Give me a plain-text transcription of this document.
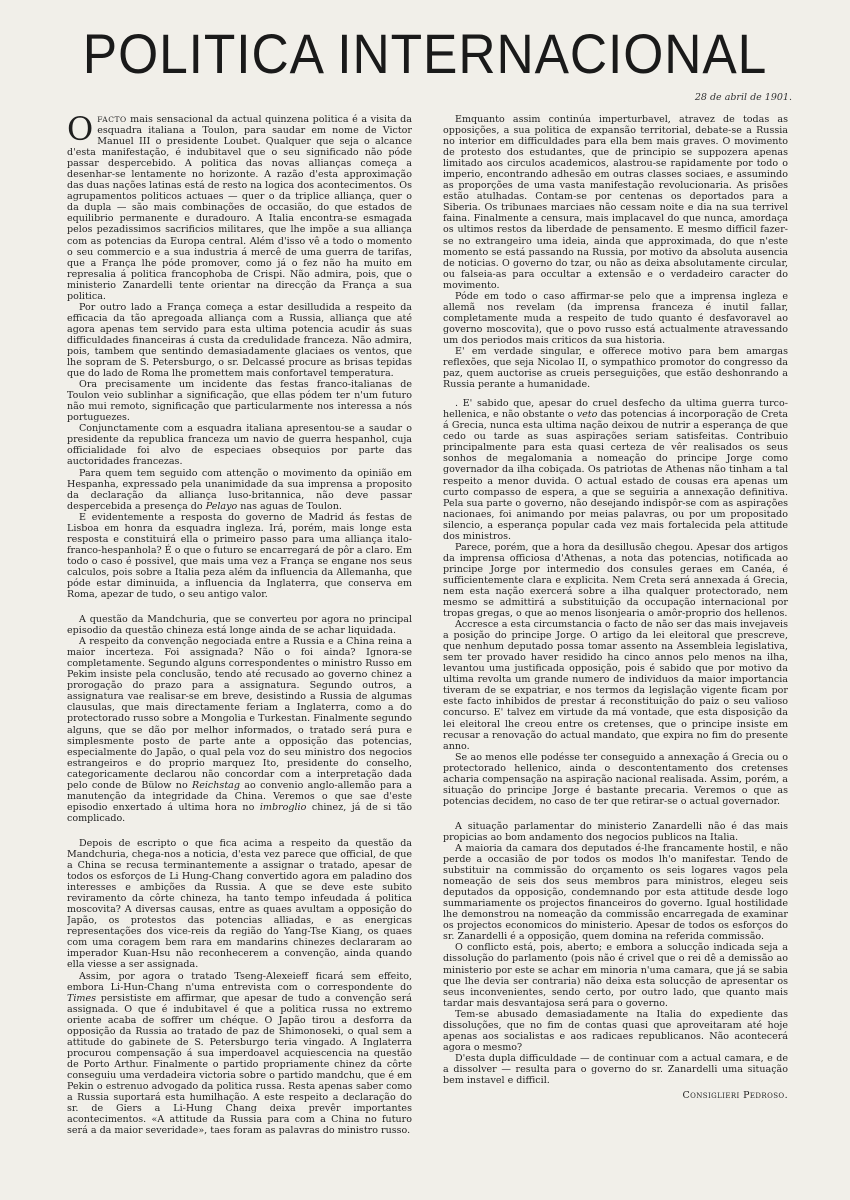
POLITICA INTERNACIONAL
28 de abril de 1901.

OFACTO mais sensacional da actual quinzena politica é a visita da esquadra italiana a Toulon, para saudar em nome de Victor Manuel III o presidente Loubet. Qualquer que seja o alcance d'esta manifestação, é indubitavel que o seu significado não póde passar despercebido. A politica das novas allianças começa a desenhar-se lentamente no horizonte. A razão d'esta approximação das duas nações latinas está de resto na logica dos acontecimentos. Os agrupamentos politicos actuaes — quer o da triplice alliança, quer o da dupla — são mais combinações de occasião, do que estados de equilibrio permanente e duradouro. A Italia encontra-se esmagada pelos pezadissimos sacrificios militares, que lhe impõe a sua alliança com as potencias da Europa central. Além d'isso vê a todo o momento o seu commercio e a sua industria á mercê de uma guerra de tarifas, que a França lhe póde promover, como já o fez não ha muito em represalia á politica francophoba de Crispi. Não admira, pois, que o ministerio Zanardelli tente orientar na direcção da França a sua politica.

Por outro lado a França começa a estar desilludida a respeito da efficacia da tão apregoada alliança com a Russia, alliança que até agora apenas tem servido para esta ultima potencia acudir ás suas difficuldades financeiras á custa da credulidade franceza. Não admira, pois, tambem que sentindo demasiadamente glaciaes os ventos, que lhe sopram de S. Petersburgo, o sr. Delcassé procure as brisas tepidas que do lado de Roma lhe promettem mais confortavel temperatura.

Ora precisamente um incidente das festas franco-italianas de Toulon veio sublinhar a significação, que ellas pódem ter n'um futuro não mui remoto, significação que particularmente nos interessa a nós portuguezes.

Conjunctamente com a esquadra italiana apresentou-se a saudar o presidente da republica franceza um navio de guerra hespanhol, cuja officialidade foi alvo de especiaes obsequios por parte das auctoridades francezas.

Para quem tem seguido com attenção o movimento da opinião em Hespanha, expressado pela unanimidade da sua imprensa a proposito da declaração da alliança luso-britannica, não deve passar despercebida a presença do Pelayo nas aguas de Toulon.

E evidentemente a resposta do governo de Madrid ás festas de Lisboa em honra da esquadra ingleza. Irá, porém, mais longe esta resposta e constituirá ella o primeiro passo para uma alliança italo-franco-hespanhola? É o que o futuro se encarregará de pôr a claro. Em todo o caso é possivel, que mais uma vez a França se engane nos seus calculos, pois sobre a Italia peza além da influencia da Allemanha, que póde estar diminuida, a influencia da Inglaterra, que conserva em Roma, apezar de tudo, o seu antigo valor.

A questão da Mandchuria, que se converteu por agora no principal episodio da questão chineza está longe ainda de se achar liquidada.

A respeito da convenção negociada entre a Russia e a China reina a maior incerteza. Foi assignada? Não o foi ainda? Ignora-se completamente. Segundo alguns correspondentes o ministro Russo em Pekim insiste pela conclusão, tendo até recusado ao governo chinez a prorogação do prazo para a assignatura. Segundo outros, a assignatura vae realisar-se em breve, desistindo a Russia de algumas clausulas, que mais directamente feriam a Inglaterra, como a do protectorado russo sobre a Mongolia e Turkestan. Finalmente segundo alguns, que se dão por melhor informados, o tratado será pura e simplesmente posto de parte ante a opposição das potencias, especialmente do Japão, o qual pela voz do seu ministro dos negocios estrangeiros e do proprio marquez Ito, presidente do conselho, categoricamente declarou não concordar com a interpretação dada pelo conde de Bülow no Reichstag ao convenio anglo-allemão para a manutenção da integridade da China. Veremos o que sae d'este episodio enxertado á ultima hora no imbroglio chinez, já de si tão complicado.

Depois de escripto o que fica acima a respeito da questão da Mandchuria, chega-nos a noticia, d'esta vez parece que official, de que a China se recusa terminantemente a assignar o tratado, apesar de todos os esforços de Li Hung-Chang convertido agora em paladino dos interesses e ambições da Russia. A que se deve este subito reviramento da côrte chineza, ha tanto tempo infeudada á politica moscovita? A diversas causas, entre as quaes avultam a opposição do Japão, os protestos das potencias alliadas, e as energicas representações dos vice-reis da região do Yang-Tse Kiang, os quaes com uma coragem bem rara em mandarins chinezes declararam ao imperador Kuan-Hsu não reconhecerem a convenção, ainda quando ella viesse a ser assignada.

Assim, por agora o tratado Tseng-Alexeieff ficará sem effeito, embora Li-Hun-Chang n'uma entrevista com o correspondente do Times persististe em affirmar, que apesar de tudo a convenção será assignada. O que é indubitavel é que a politica russa no extremo oriente acaba de soffrer um chéque. O Japão tirou a desforra da opposição da Russia ao tratado de paz de Shimonoseki, o qual sem a attitude do gabinete de S. Petersburgo teria vingado. A Inglaterra procurou compensação á sua imperdoavel acquiescencia na questão de Porto Arthur. Finalmente o partido propriamente chinez da côrte conseguiu uma verdadeira victoria sobre o partido mandchu, que é em Pekin o estrenuo advogado da politica russa. Resta apenas saber como a Russia suportará esta humilhação. A este respeito a declaração do sr. de Giers a Li-Hung Chang deixa prevêr importantes acontecimentos. «A attitude da Russia para com a China no futuro será a da maior severidade», taes foram as palavras do ministro russo.

Emquanto assim continúa imperturbavel, atravez de todas as opposições, a sua politica de expansão territorial, debate-se a Russia no interior em difficuldades para ella bem mais graves. O movimento de protesto dos estudantes, que de principio se suppozera apenas limitado aos circulos academicos, alastrou-se rapidamente por todo o imperio, encontrando adhesão em outras classes sociaes, e assumindo as proporções de uma vasta manifestação revolucionaria. As prisões estão atulhadas. Contam-se por centenas os deportados para a Siberia. Os tribunaes marciaes não cessam noite e dia na sua terrivel faina. Finalmente a censura, mais implacavel do que nunca, amordaça os ultimos restos da liberdade de pensamento. E mesmo difficil fazer-se no extrangeiro uma ideia, ainda que approximada, do que n'este momento se está passando na Russia, por motivo da absoluta ausencia de noticias. O governo do tzar, ou não as deixa absolutamente circular, ou falseia-as para occultar a extensão e o verdadeiro caracter do movimento.

Póde em todo o caso affirmar-se pelo que a imprensa ingleza e allemã nos revelam (da imprensa franceza é inutil fallar, completamente muda a respeito de tudo quanto é desfavoravel ao governo moscovita), que o povo russo está actualmente atravessando um dos periodos mais criticos da sua historia.

E' em verdade singular, e offerece motivo para bem amargas reflexões, que seja Nicolao II, o sympathico promotor do congresso da paz, quem auctorise as crueis perseguições, que estão deshonrando a Russia perante a humanidade.

. E' sabido que, apesar do cruel desfecho da ultima guerra turco-hellenica, e não obstante o veto das potencias á incorporação de Creta á Grecia, nunca esta ultima nação deixou de nutrir a esperança de que cedo ou tarde as suas aspirações seriam satisfeitas. Contribuio principalmente para esta quasi certeza de vêr realisados os seus sonhos de megalomania a nomeação do principe Jorge como governador da ilha cobiçada. Os patriotas de Athenas não tinham a tal respeito a menor duvida. O actual estado de cousas era apenas um curto compasso de espera, a que se seguiria a annexação definitiva. Pela sua parte o governo, não desejando indispôr-se com as aspirações nacionaes, foi animando por meias palavras, ou por um propositado silencio, a esperança popular cada vez mais fortalecida pela attitude dos ministros.

Parece, porém, que a hora da desillusão chegou. Apesar dos artigos da imprensa officiosa d'Athenas, a nota das potencias, notificada ao principe Jorge por intermedio dos consules geraes em Canéa, é sufficientemente clara e explicita. Nem Creta será annexada á Grecia, nem esta nação exercerá sobre a ilha qualquer protectorado, nem mesmo se admittirá a substituição da occupação internacional por tropas gregas, o que ao menos lisonjearia o amôr-proprio dos hellenos.

Accresce a esta circumstancia o facto de não ser das mais invejaveis a posição do principe Jorge. O artigo da lei eleitoral que prescreve, que nenhum deputado possa tomar assento na Assembleia legislativa, sem ter provado haver residido ha cinco annos pelo menos na ilha, levantou uma justificada opposição, pois é sabido que por motivo da ultima revolta um grande numero de individuos da maior importancia tiveram de se expatriar, e nos termos da legislação vigente ficam por este facto inhibidos de prestar á reconstituição do paiz o seu valioso concurso. E' talvez em virtude da má vontade, que esta disposição da lei eleitoral lhe creou entre os cretenses, que o principe insiste em recusar a renovação do actual mandato, que expira no fim do presente anno.

Se ao menos elle podésse ter conseguido a annexação á Grecia ou o protectorado hellenico, ainda o descontentamento dos cretenses acharia compensação na aspiração nacional realisada. Assim, porém, a situação do principe Jorge é bastante precaria. Veremos o que as potencias decidem, no caso de ter que retirar-se o actual governador.

A situação parlamentar do ministerio Zanardelli não é das mais propicias ao bom andamento dos negocios publicos na Italia.

A maioria da camara dos deputados é-lhe francamente hostil, e não perde a occasião de por todos os modos lh'o manifestar. Tendo de substituir na commissão do orçamento os seis logares vagos pela nomeação de seis dos seus membros para ministros, elegeu seis deputados da opposição, condemnando por esta attitude desde logo summariamente os projectos financeiros do governo. Igual hostilidade lhe demonstrou na nomeação da commissão encarregada de examinar os projectos economicos do ministerio. Apesar de todos os esforços do sr. Zanardelli é a opposição, quem domina na referida commissão.

O conflicto está, pois, aberto; e embora a solucção indicada seja a dissolução do parlamento (pois não é crivel que o rei dê a demissão ao ministerio por este se achar em minoria n'uma camara, que já se sabia que lhe devia ser contraria) não deixa esta solucção de apresentar os seus inconvenientes, sendo certo, por outro lado, que quanto mais tardar mais desvantajosa será para o governo.

Tem-se abusado demasiadamente na Italia do expediente das dissoluções, que no fim de contas quasi que aproveitaram até hoje apenas aos socialistas e aos radicaes republicanos. Não acontecerá agora o mesmo?

D'esta dupla difficuldade — de continuar com a actual camara, e de a dissolver — resulta para o governo do sr. Zanardelli uma situação bem instavel e difficil.

Consiglieri Pedroso.
